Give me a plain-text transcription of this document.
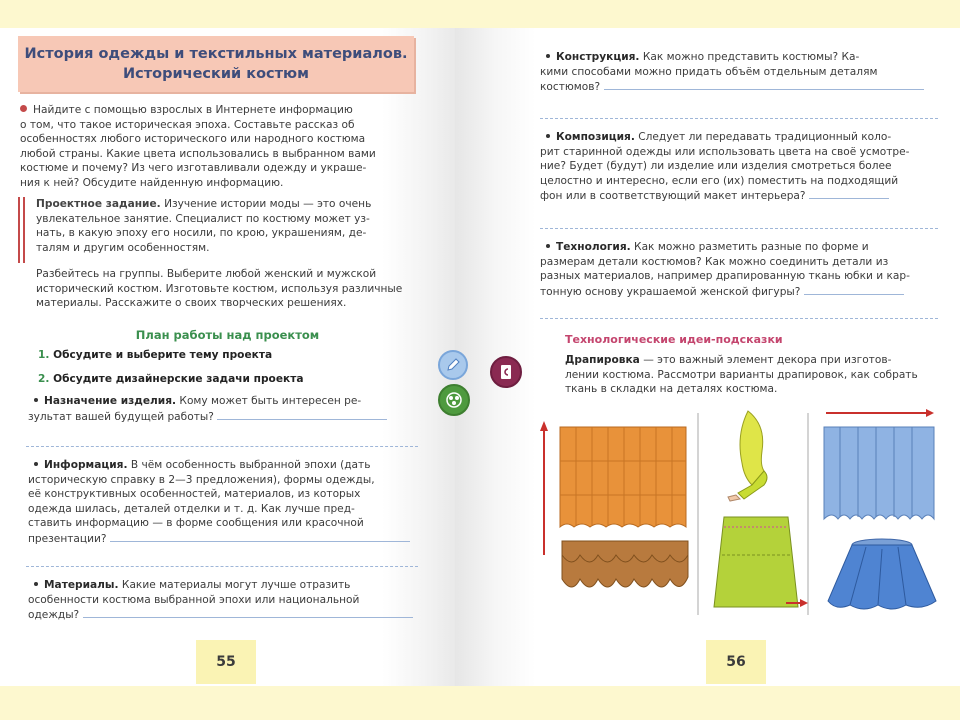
История одежды и текстильных материалов.
Исторический костюм
Найдите с помощью взрослых в Интернете информацию
о том, что такое историческая эпоха. Составьте рассказ об
особенностях любого исторического или народного костюма
любой страны. Какие цвета использовались в выбранном вами
костюме и почему? Из чего изготавливали одежду и украше-
ния к ней? Обсудите найденную информацию.
Проектное задание. Изучение истории моды — это очень
увлекательное занятие. Специалист по костюму может уз-
нать, в какую эпоху его носили, по крою, украшениям, де-
талям и другим особенностям.
Разбейтесь на группы. Выберите любой женский и мужской
исторический костюм. Изготовьте костюм, используя различные
материалы. Расскажите о своих творческих решениях.
План работы над проектом
1. Обсудите и выберите тему проекта
2. Обсудите дизайнерские задачи проекта
Назначение изделия. Кому может быть интересен ре-
зультат вашей будущей работы?
Информация. В чём особенность выбранной эпохи (дать
историческую справку в 2—3 предложения), формы одежды,
её конструктивных особенностей, материалов, из которых
одежда шилась, деталей отделки и т. д. Как лучше пред-
ставить информацию — в форме сообщения или красочной
презентации?
Материалы. Какие материалы могут лучше отразить
особенности костюма выбранной эпохи или национальной
одежды?
55
Конструкция. Как можно представить костюмы? Ка-
кими способами можно придать объём отдельным деталям
костюмов?
Композиция. Следует ли передавать традиционный коло-
рит старинной одежды или использовать цвета на своё усмотре-
ние? Будет (будут) ли изделие или изделия смотреться более
целостно и интересно, если его (их) поместить на подходящий
фон или в соответствующий макет интерьера?
Технология. Как можно разметить разные по форме и
размерам детали костюмов? Как можно соединить детали из
разных материалов, например драпированную ткань юбки и кар-
тонную основу украшаемой женской фигуры?
Технологические идеи-подсказки
Драпировка — это важный элемент декора при изготов-
лении костюма. Рассмотри варианты драпировок, как собрать
ткань в складки на деталях костюма.
56
